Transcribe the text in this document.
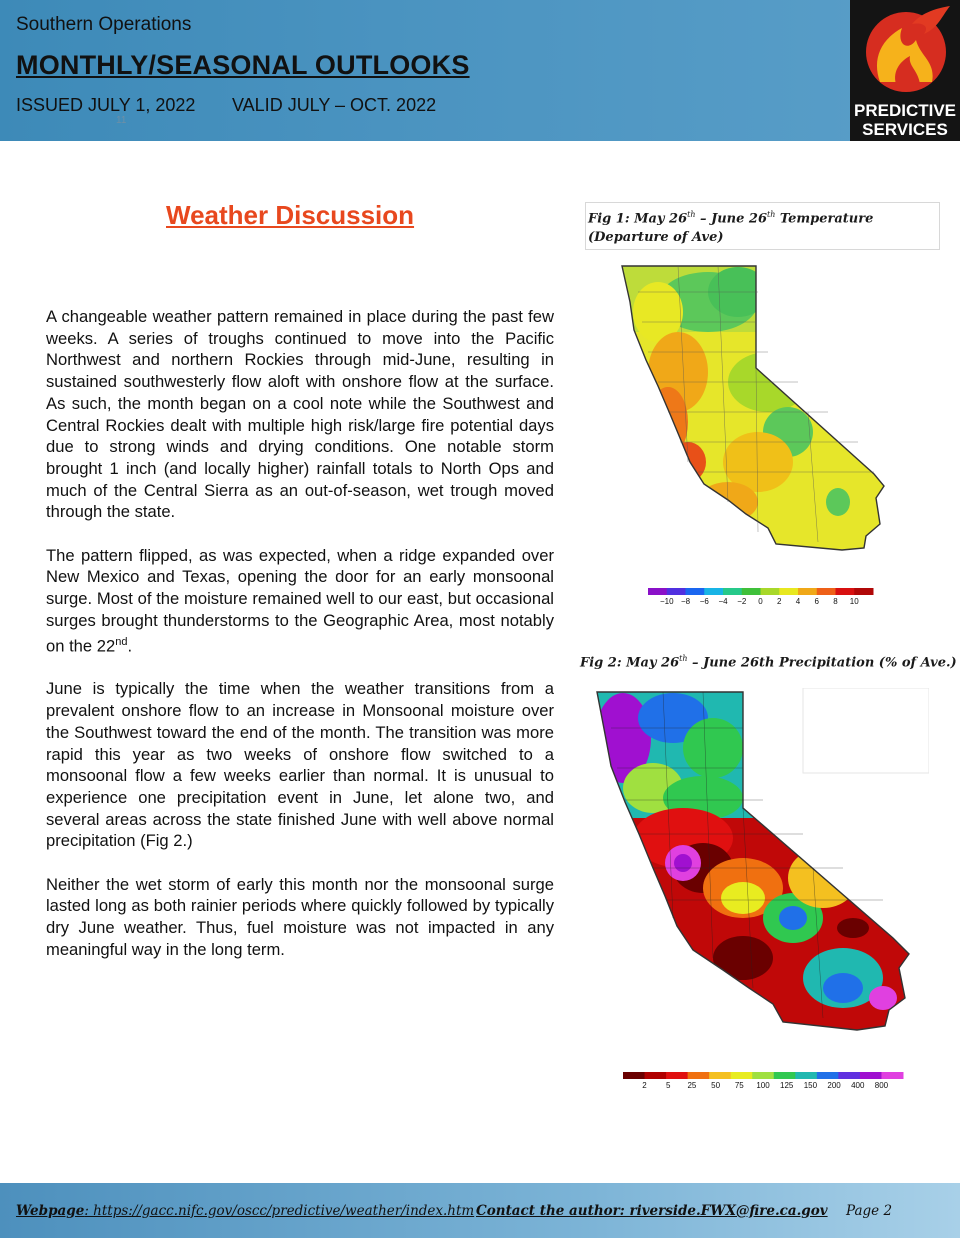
Southern Operations
MONTHLY/SEASONAL OUTLOOKS
ISSUED JULY 1, 2022 VALID JULY – OCT. 2022
11
PREDICTIVE
SERVICES
Weather Discussion

A changeable weather pattern remained in place during the past few weeks. A series of troughs continued to move into the Pacific Northwest and northern Rockies through mid-June, resulting in sustained southwesterly flow aloft with onshore flow at the surface. As such, the month began on a cool note while the Southwest and Central Rockies dealt with multiple high risk/large fire potential days due to strong winds and drying conditions. One notable storm brought 1 inch (and locally higher) rainfall totals to North Ops and much of the Central Sierra as an out-of-season, wet trough moved through the state.

The pattern flipped, as was expected, when a ridge expanded over New Mexico and Texas, opening the door for an early monsoonal surge. Most of the moisture remained well to our east, but occasional surges brought thunderstorms to the Geographic Area, most notably on the 22nd.

June is typically the time when the weather transitions from a prevalent onshore flow to an increase in Monsoonal moisture over the Southwest toward the end of the month. The transition was more rapid this year as two weeks of onshore flow switched to a monsoonal flow a few weeks earlier than normal. It is unusual to experience one precipitation event in June, let alone two, and several areas across the state finished June with well above normal precipitation (Fig 2.)

Neither the wet storm of early this month nor the monsoonal surge lasted long as both rainier periods where quickly followed by typically dry June weather. Thus, fuel moisture was not impacted in any meaningful way in the long term.

Fig 1: May 26th – June 26th Temperature
(Departure of Ave)
−10 −8 −6 −4 −2 0 2 4 6 8 10
Fig 2: May 26th – June 26th Precipitation (% of Ave.)
2 5 25 50 75 100 125 150 200 400 800
Webpage: https://gacc.nifc.gov/oscc/predictive/weather/index.htm Contact the author: riverside.FWX@fire.ca.gov Page 2
